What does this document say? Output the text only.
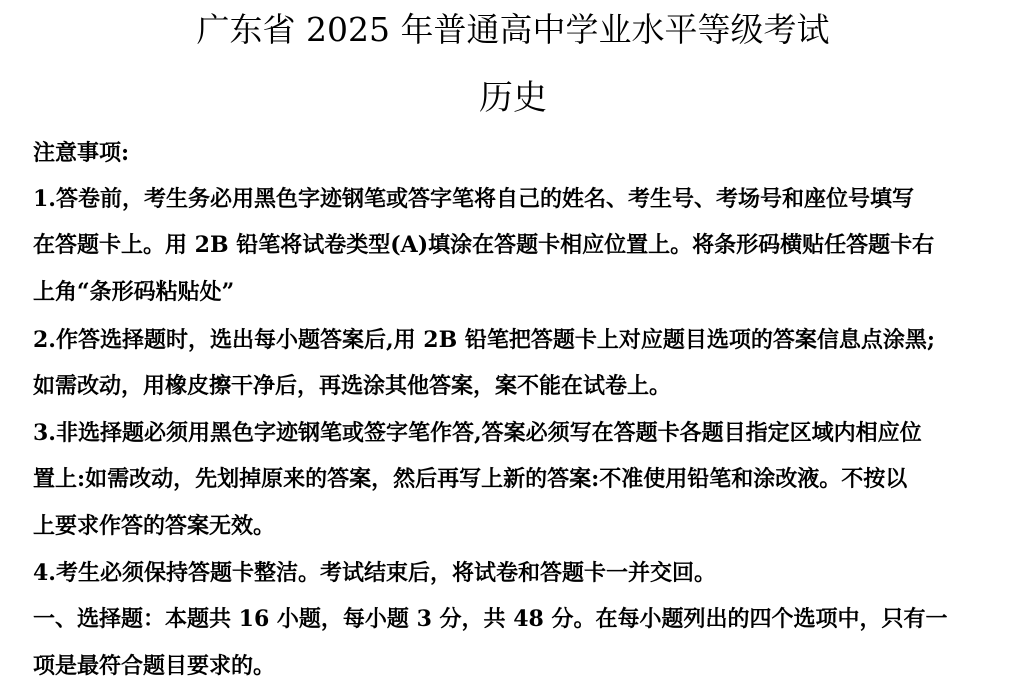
广东省 2025 年普通高中学业水平等级考试
历史
注意事项:
1.答卷前，考生务必用黑色字迹钢笔或答字笔将自己的姓名、考生号、考场号和座位号填写
在答题卡上。用 2B 铅笔将试卷类型(A)填涂在答题卡相应位置上。将条形码横贴任答题卡右
上角“条形码粘贴处”
2.作答选择题时，选出每小题答案后,用 2B 铅笔把答题卡上对应题目选项的答案信息点涂黑;
如需改动，用橡皮擦干净后，再选涂其他答案，案不能在试卷上。
3.非选择题必须用黑色字迹钢笔或签字笔作答,答案必须写在答题卡各题目指定区域内相应位
置上:如需改动，先划掉原来的答案，然后再写上新的答案:不准使用铅笔和涂改液。不按以
上要求作答的答案无效。
4.考生必须保持答题卡整洁。考试结束后，将试卷和答题卡一并交回。
一、选择题：本题共 16 小题，每小题 3 分，共 48 分。在每小题列出的四个选项中，只有一
项是最符合题目要求的。
